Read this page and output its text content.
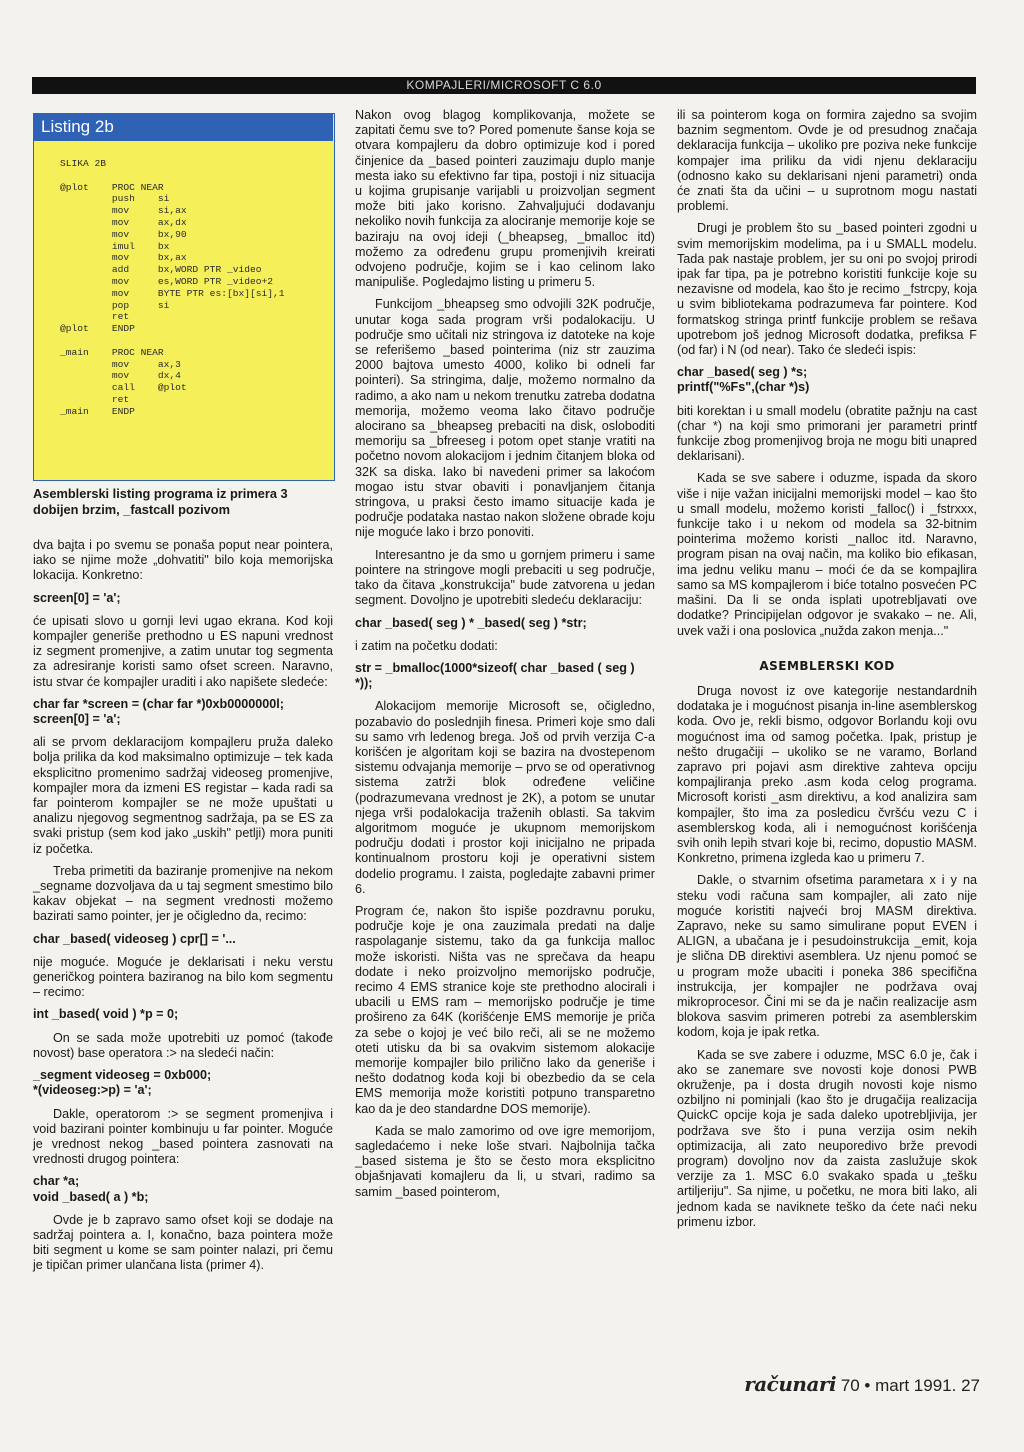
KOMPAJLERI/MICROSOFT C 6.0
Listing 2b
SLIKA 2B

@plot    PROC NEAR
push    si
mov     si,ax
mov     ax,dx
mov     bx,90
imul    bx
mov     bx,ax
add     bx,WORD PTR _video
mov     es,WORD PTR _video+2
mov     BYTE PTR es:[bx][si],1
pop     si
ret
@plot    ENDP

_main    PROC NEAR
mov     ax,3
mov     dx,4
call    @plot
ret
_main    ENDP
Asemblerski listing programa iz primera 3 dobijen brzim, _fastcall pozivom

dva bajta i po svemu se ponaša poput near pointera, iako se njime može „dohvatiti" bilo koja memorijska lokacija. Konkretno:

screen[0] = 'a';

će upisati slovo u gornji levi ugao ekrana. Kod koji kompajler generiše prethodno u ES napuni vrednost iz segment promenjive, a zatim unutar tog segmenta za adresiranje koristi samo ofset screen. Naravno, istu stvar će kompajler uraditi i ako napišete sledeće:

char far *screen = (char far *)0xb0000000l;
screen[0] = 'a';

ali se prvom deklaracijom kompajleru pruža daleko bolja prilika da kod maksimalno optimizuje – tek kada eksplicitno promenimo sadržaj videoseg promenjive, kompajler mora da izmeni ES registar – kada radi sa far pointerom kompajler se ne može upuštati u analizu njegovog segmentnog sadržaja, pa se ES za svaki pristup (sem kod jako „uskih" petlji) mora puniti iz početka.

Treba primetiti da baziranje promenjive na nekom _segname dozvoljava da u taj segment smestimo bilo kakav objekat – na segment vrednosti možemo bazirati samo pointer, jer je očigledno da, recimo:

char _based( videoseg ) cpr[] = '...

nije moguće. Moguće je deklarisati i neku verstu generičkog pointera baziranog na bilo kom segmentu – recimo:

int _based( void ) *p = 0;

On se sada može upotrebiti uz pomoć (takođe novost) base operatora :> na sledeći način:

_segment videoseg = 0xb000;
*(videoseg:>p) = 'a';

Dakle, operatorom :> se segment promenjiva i void bazirani pointer kombinuju u far pointer. Moguće je vrednost nekog _based pointera zasnovati na vrednosti drugog pointera:

char *a;
void _based( a ) *b;

Ovde je b zapravo samo ofset koji se dodaje na sadržaj pointera a. I, konačno, baza pointera može biti segment u kome se sam pointer nalazi, pri čemu je tipičan primer ulančana lista (primer 4).

Nakon ovog blagog komplikovanja, možete se zapitati čemu sve to? Pored pomenute šanse koja se otvara kompajleru da dobro optimizuje kod i pored činjenice da _based pointeri zauzimaju duplo manje mesta iako su efektivno far tipa, postoji i niz situacija u kojima grupisanje varijabli u proizvoljan segment može biti jako korisno. Zahvaljujući dodavanju nekoliko novih funkcija za alociranje memorije koje se baziraju na ovoj ideji (_bheapseg, _bmalloc itd) možemo za određenu grupu promenjivih kreirati odvojeno područje, kojim se i kao celinom lako manipuliše. Pogledajmo listing u primeru 5.

Funkcijom _bheapseg smo odvojili 32K područje, unutar koga sada program vrši podalokaciju. U područje smo učitali niz stringova iz datoteke na koje se referišemo _based pointerima (niz str zauzima 2000 bajtova umesto 4000, koliko bi odneli far pointeri). Sa stringima, dalje, možemo normalno da radimo, a ako nam u nekom trenutku zatreba dodatna memorija, možemo veoma lako čitavo područje alocirano sa _bheapseg prebaciti na disk, osloboditi memoriju sa _bfreeseg i potom opet stanje vratiti na početno novom alokacijom i jednim čitanjem bloka od 32K sa diska. Iako bi navedeni primer sa lakoćom mogao istu stvar obaviti i ponavljanjem čitanja stringova, u praksi često imamo situacije kada je područje podataka nastao nakon složene obrade koju nije moguće lako i brzo ponoviti.

Interesantno je da smo u gornjem primeru i same pointere na stringove mogli prebaciti u seg područje, tako da čitava „konstrukcija" bude zatvorena u jedan segment. Dovoljno je upotrebiti sledeću deklaraciju:

char _based( seg ) * _based( seg ) *str;

i zatim na početku dodati:

str = _bmalloc(1000*sizeof( char _based ( seg ) *));

Alokacijom memorije Microsoft se, očigledno, pozabavio do poslednjih finesa. Primeri koje smo dali su samo vrh ledenog brega. Još od prvih verzija C-a korišćen je algoritam koji se bazira na dvostepenom sistemu odvajanja memorije – prvo se od operativnog sistema zatrži blok određene veličine (podrazumevana vrednost je 2K), a potom se unutar njega vrši podalokacija traženih oblasti. Sa takvim algoritmom moguće je ukupnom memorijskom području dodati i prostor koji inicijalno ne pripada kontinualnom prostoru koji je operativni sistem dodelio programu. I zaista, pogledajte zabavni primer 6.

Program će, nakon što ispiše pozdravnu poruku, područje koje je ona zauzimala predati na dalje raspolaganje sistemu, tako da ga funkcija malloc može iskoristi. Ništa vas ne sprečava da heapu dodate i neko proizvoljno memorijsko područje, recimo 4 EMS stranice koje ste prethodno alocirali i ubacili u EMS ram – memorijsko područje je time prošireno za 64K (korišćenje EMS memorije je priča za sebe o kojoj je već bilo reči, ali se ne možemo oteti utisku da bi sa ovakvim sistemom alokacije memorije kompajler bilo prilično lako da generiše i nešto dodatnog koda koji bi obezbedio da se cela EMS memorija može koristiti potpuno transparetno kao da je deo standardne DOS memorije).

Kada se malo zamorimo od ove igre memorijom, sagledaćemo i neke loše stvari. Najbolnija tačka _based sistema je što se često mora eksplicitno objašnjavati komajleru da li, u stvari, radimo sa samim _based pointerom,

ili sa pointerom koga on formira zajedno sa svojim baznim segmentom. Ovde je od presudnog značaja deklaracija funkcija – ukoliko pre poziva neke funkcije kompajer ima priliku da vidi njenu deklaraciju (odnosno kako su deklarisani njeni parametri) onda će znati šta da učini – u suprotnom mogu nastati problemi.

Drugi je problem što su _based pointeri zgodni u svim memorijskim modelima, pa i u SMALL modelu. Tada pak nastaje problem, jer su oni po svojoj prirodi ipak far tipa, pa je potrebno koristiti funkcije koje su nezavisne od modela, kao što je recimo _fstrcpy, koja u svim bibliotekama podrazumeva far pointere. Kod formatskog stringa printf funkcije problem se rešava upotrebom još jednog Microsoft dodatka, prefiksa F (od far) i N (od near). Tako će sledeći ispis:

char _based( seg ) *s;
printf("%Fs",(char *)s)

biti korektan i u small modelu (obratite pažnju na cast (char *) na koji smo primorani jer parametri printf funkcije zbog promenjivog broja ne mogu biti unapred deklarisani).

Kada se sve sabere i oduzme, ispada da skoro više i nije važan inicijalni memorijski model – kao što u small modelu, možemo koristi _falloc() i _fstrxxx, funkcije tako i u nekom od modela sa 32-bitnim pointerima možemo koristi _nalloc itd. Naravno, program pisan na ovaj način, ma koliko bio efikasan, ima jednu veliku manu – moći će da se kompajlira samo sa MS kompajlerom i biće totalno posvećen PC mašini. Da li se onda isplati upotrebljavati ove dodatke? Principijelan odgovor je svakako – ne. Ali, uvek važi i ona poslovica „nužda zakon menja..."

ASEMBLERSKI KOD

Druga novost iz ove kategorije nestandardnih dodataka je i mogućnost pisanja in-line asemblerskog koda. Ovo je, rekli bismo, odgovor Borlandu koji ovu mogućnost ima od samog početka. Ipak, pristup je nešto drugačiji – ukoliko se ne varamo, Borland zapravo pri pojavi asm direktive zahteva opciju kompajliranja preko .asm koda celog programa. Microsoft koristi _asm direktivu, a kod analizira sam kompajler, što ima za posledicu čvršću vezu C i asemblerskog koda, ali i nemogućnost korišćenja svih onih lepih stvari koje bi, recimo, dopustio MASM. Konkretno, primena izgleda kao u primeru 7.

Dakle, o stvarnim ofsetima parametara x i y na steku vodi računa sam kompajler, ali zato nije moguće koristiti najveći broj MASM direktiva. Zapravo, neke su samo simulirane poput EVEN i ALIGN, a ubačana je i pesudoinstrukcija _emit, koja je slična DB direktivi asemblera. Uz njenu pomoć se u program može ubaciti i poneka 386 specifična instrukcija, jer kompajler ne podržava ovaj mikroprocesor. Čini mi se da je način realizacije asm blokova sasvim primeren potrebi za asemblerskim kodom, koja je ipak retka.

Kada se sve zabere i oduzme, MSC 6.0 je, čak i ako se zanemare sve novosti koje donosi PWB okruženje, pa i dosta drugih novosti koje nismo ozbiljno ni pominjali (kao što je drugačija realizacija QuickC opcije koja je sada daleko upotrebljivija, jer podržava sve što i puna verzija osim nekih optimizacija, ali zato neuporedivo brže prevodi program) dovoljno nov da zaista zaslužuje skok verzije za 1. MSC 6.0 svakako spada u „tešku artiljeriju". Sa njime, u početku, ne mora biti lako, ali jednom kada se naviknete teško da ćete naći neku primenu izbor.

računari 70 • mart 1991. 27
